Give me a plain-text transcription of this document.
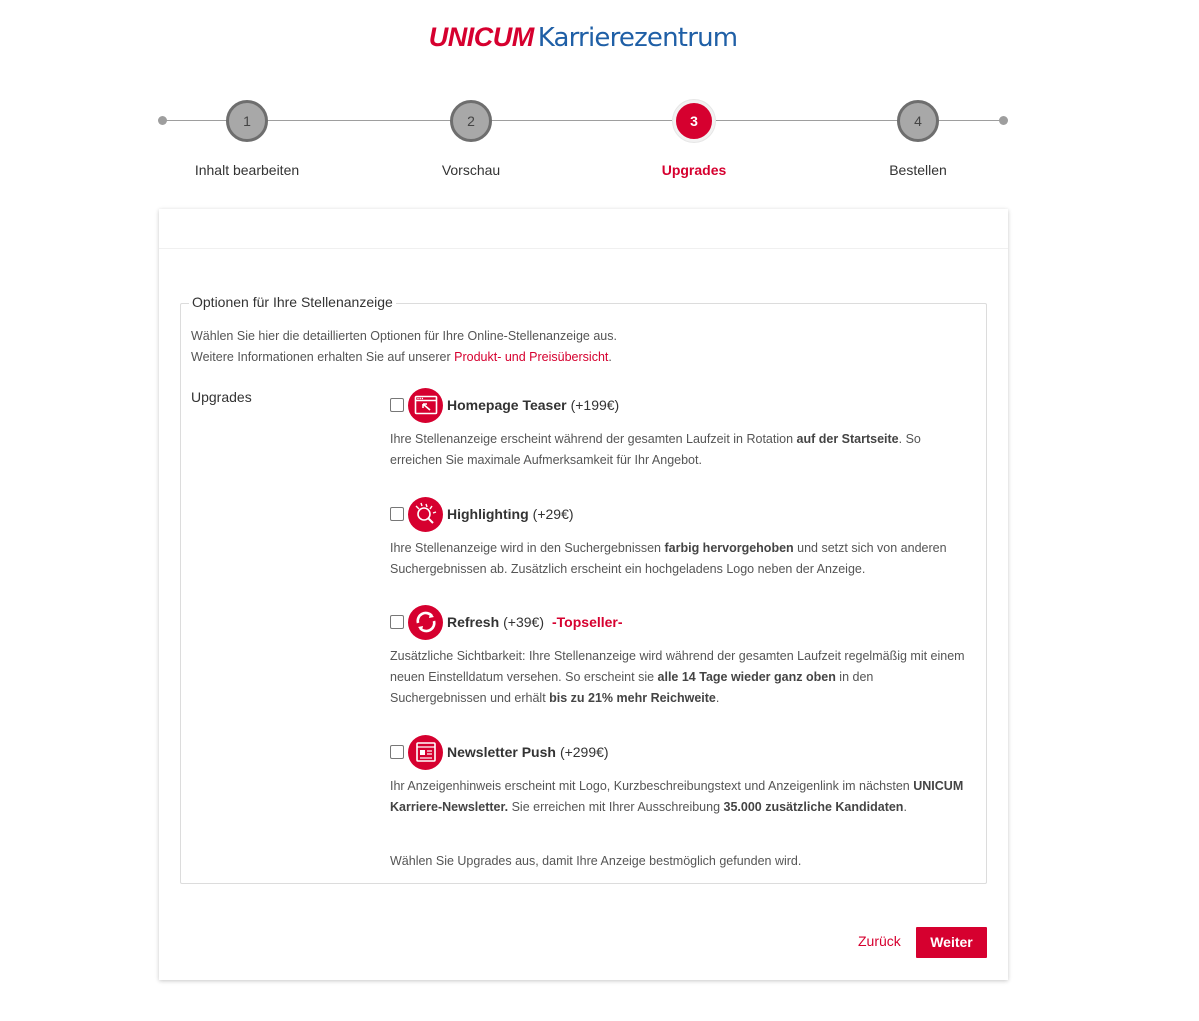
UNICUM Karrierezentrum
1
Inhalt bearbeiten
2
Vorschau
3
Upgrades
4
Bestellen
Optionen für Ihre Stellenanzeige
Wählen Sie hier die detaillierten Optionen für Ihre Online-Stellenanzeige aus.
Weitere Informationen erhalten Sie auf unserer Produkt- und Preisübersicht.
Upgrades	Homepage Teaser (+199€)
Ihre Stellenanzeige erscheint während der gesamten Laufzeit in Rotation auf der Startseite. So erreichen Sie maximale Aufmerksamkeit für Ihr Angebot.
Highlighting (+29€)
Ihre Stellenanzeige wird in den Suchergebnissen farbig hervorgehoben und setzt sich von anderen Suchergebnissen ab. Zusätzlich erscheint ein hochgeladens Logo neben der Anzeige.
Refresh (+39€) -Topseller-
Zusätzliche Sichtbarkeit: Ihre Stellenanzeige wird während der gesamten Laufzeit regelmäßig mit einem neuen Einstelldatum versehen. So erscheint sie alle 14 Tage wieder ganz oben in den Suchergebnissen und erhält bis zu 21% mehr Reichweite.
Newsletter Push (+299€)
Ihr Anzeigenhinweis erscheint mit Logo, Kurzbeschreibungstext und Anzeigenlink im nächsten UNICUM Karriere-Newsletter. Sie erreichen mit Ihrer Ausschreibung 35.000 zusätzliche Kandidaten.
Wählen Sie Upgrades aus, damit Ihre Anzeige bestmöglich gefunden wird.
Zurück	Weiter
